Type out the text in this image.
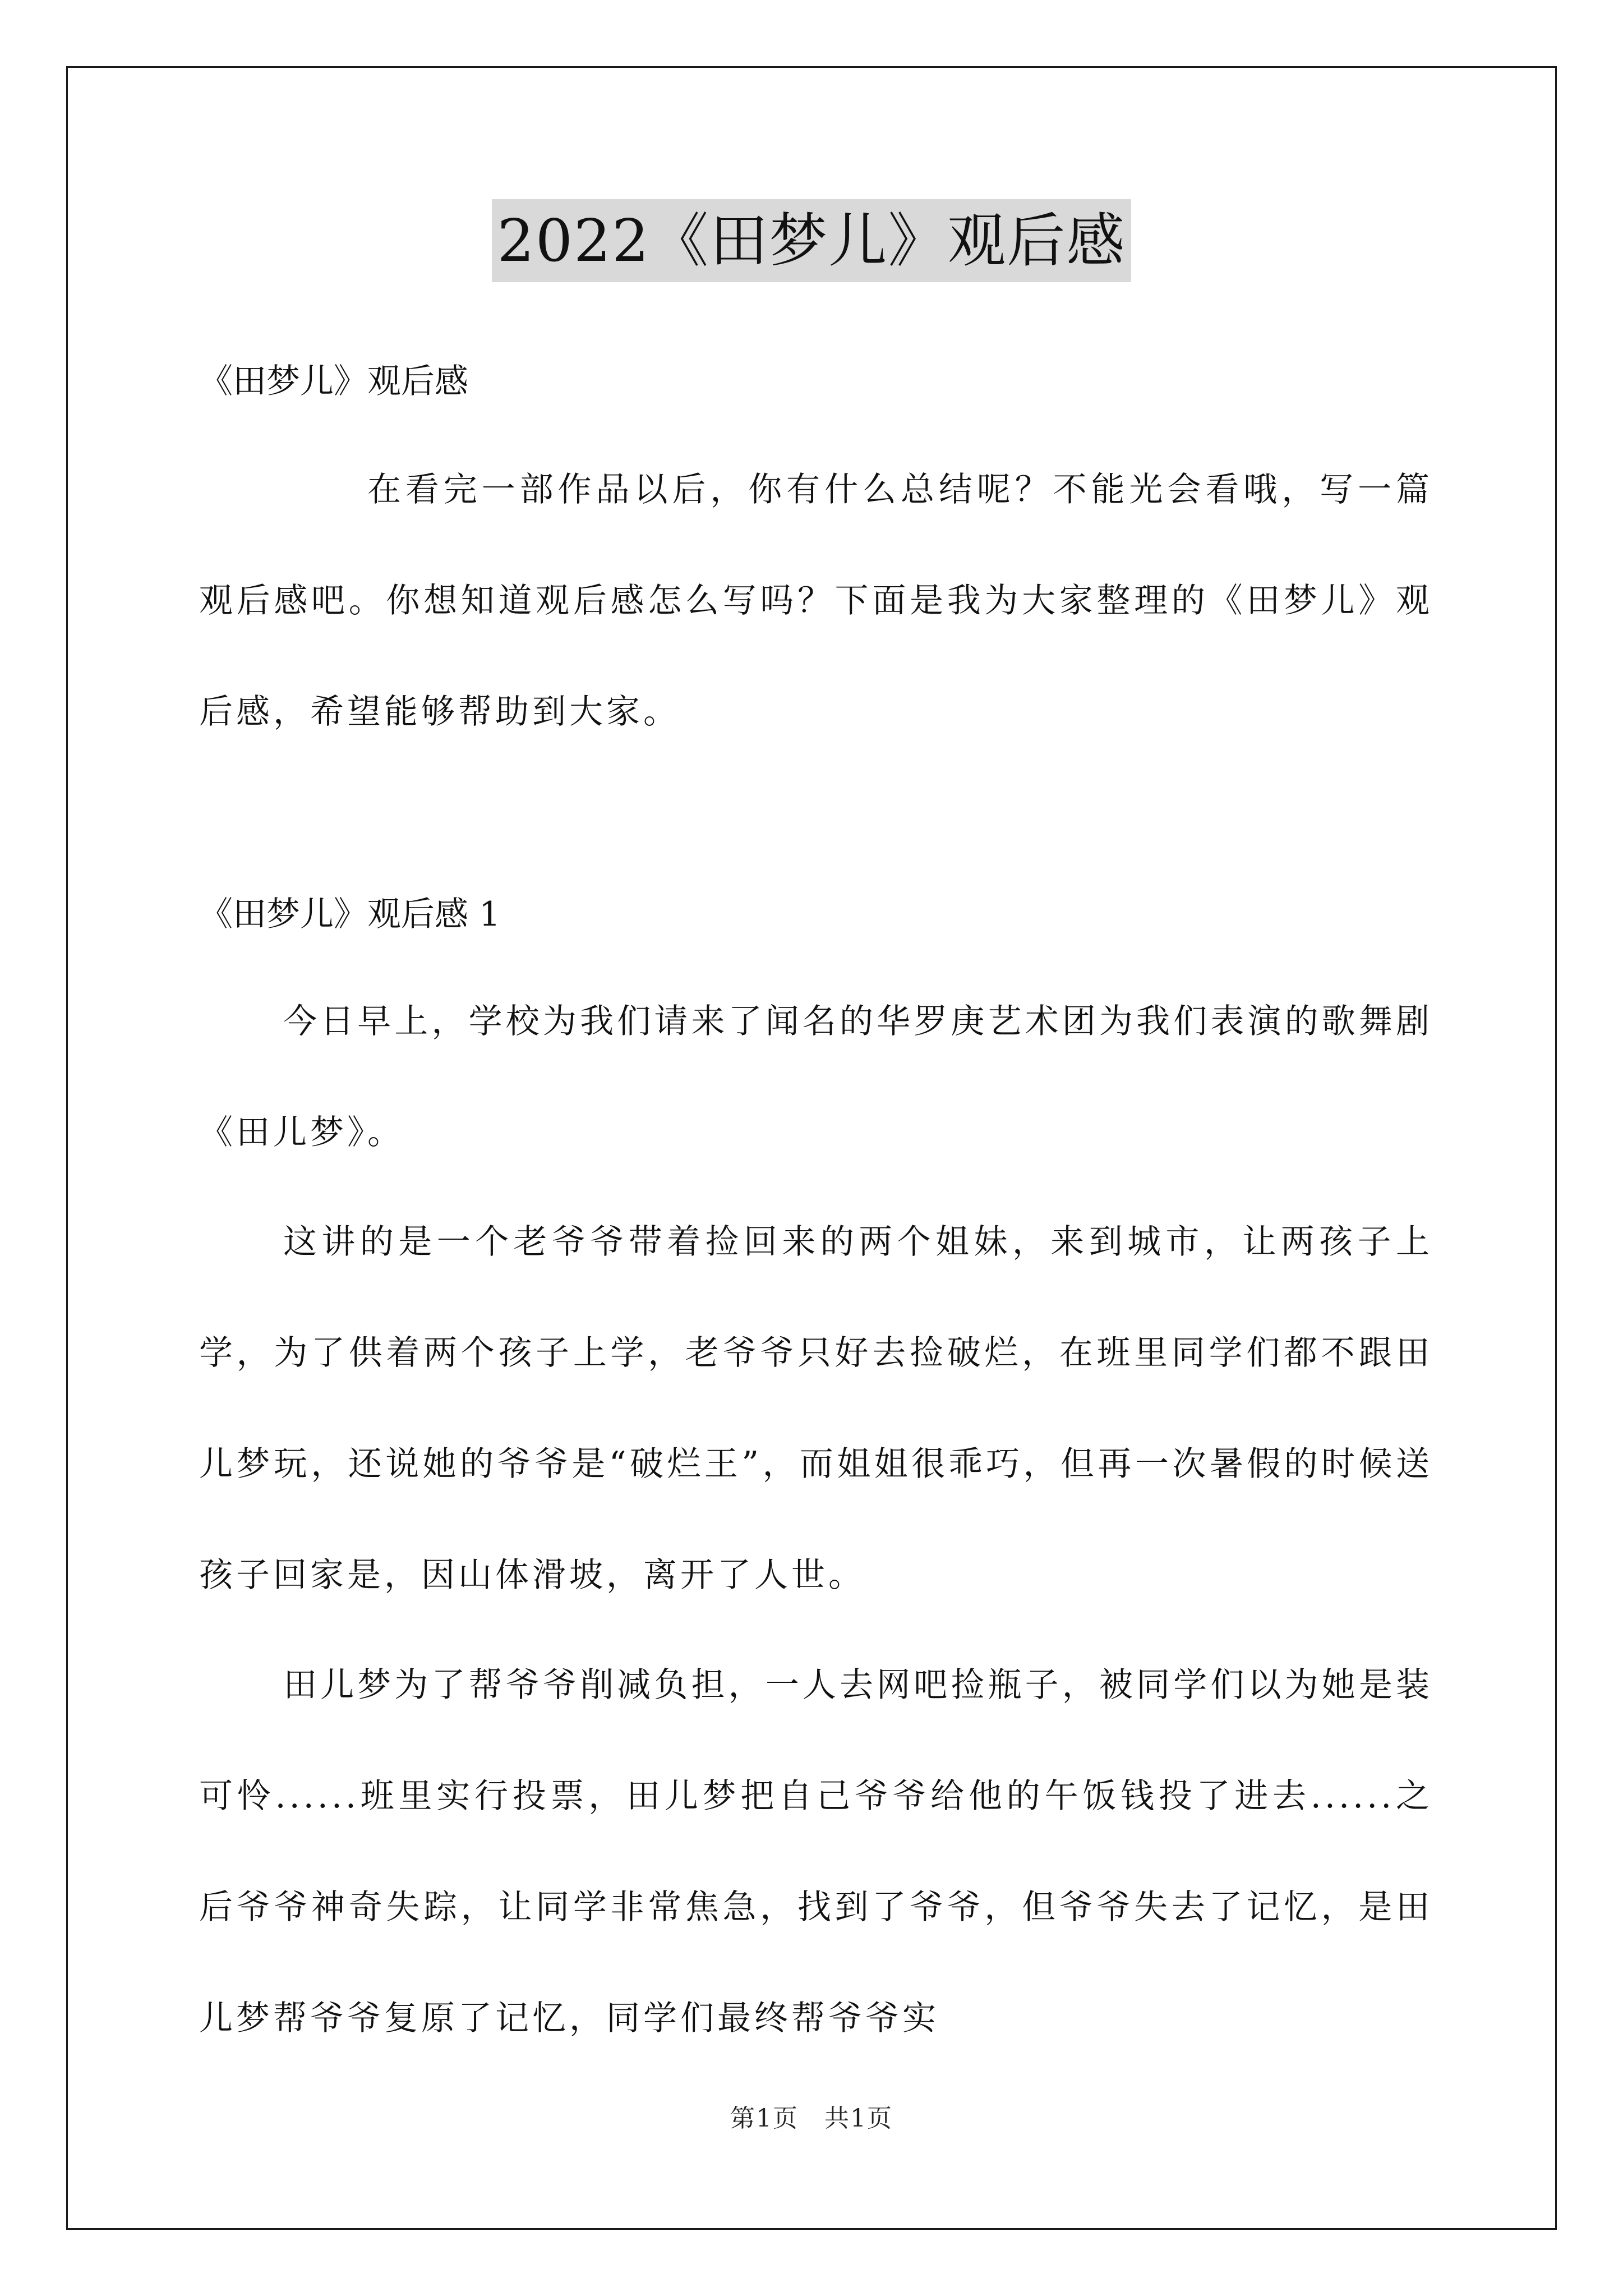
2022《田梦儿》观后感
《田梦儿》观后感
在看完一部作品以后，你有什么总结呢？不能光会看哦，写一篇观后感吧。你想知道观后感怎么写吗？下面是我为大家整理的《田梦儿》观后感，希望能够帮助到大家。
《田梦儿》观后感 1
今日早上，学校为我们请来了闻名的华罗庚艺术团为我们表演的歌舞剧《田儿梦》。
这讲的是一个老爷爷带着捡回来的两个姐妹，来到城市，让两孩子上学，为了供着两个孩子上学，老爷爷只好去捡破烂，在班里同学们都不跟田儿梦玩，还说她的爷爷是“破烂王”，而姐姐很乖巧，但再一次暑假的时候送孩子回家是，因山体滑坡，离开了人世。
田儿梦为了帮爷爷削减负担，一人去网吧捡瓶子，被同学们以为她是装可怜......班里实行投票，田儿梦把自己爷爷给他的午饭钱投了进去......之后爷爷神奇失踪，让同学非常焦急，找到了爷爷，但爷爷失去了记忆，是田儿梦帮爷爷复原了记忆，同学们最终帮爷爷实
第1页　共1页
